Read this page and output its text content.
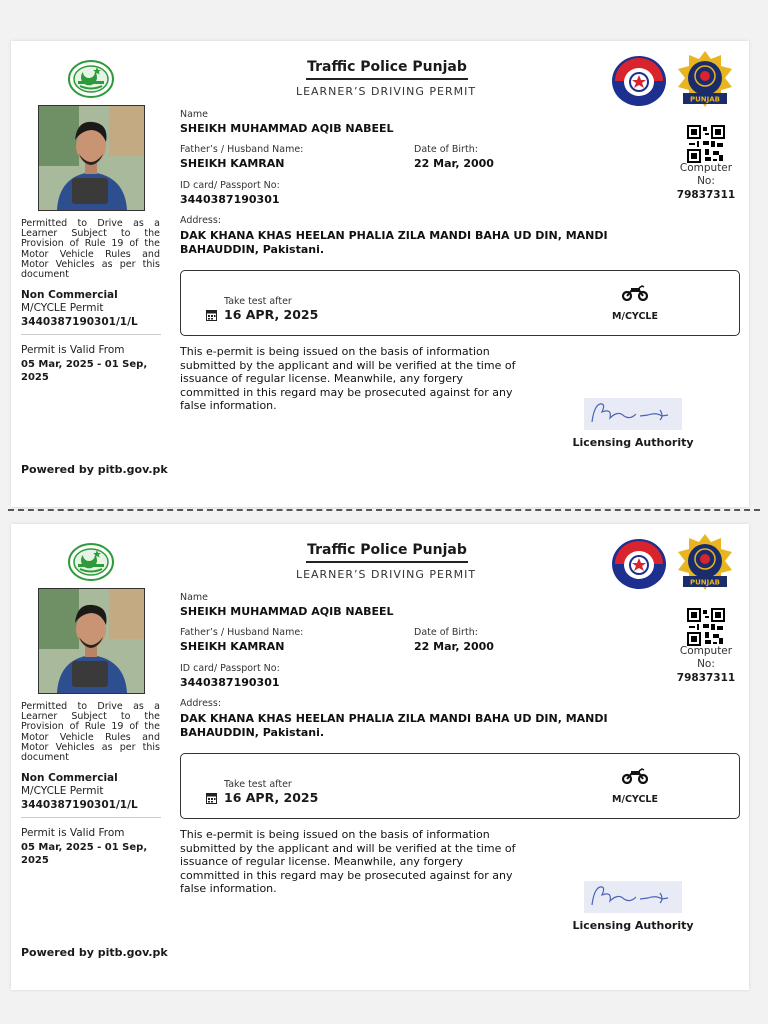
Traffic Police Punjab
LEARNER’S DRIVING PERMIT
PUNJAB
Computer No:
79837311
Name
SHEIKH MUHAMMAD AQIB NABEEL
Father’s / Husband Name:
SHEIKH KAMRAN
Date of Birth:
22 Mar, 2000
ID card/ Passport No:
3440387190301
Address:
DAK KHANA KHAS HEELAN PHALIA ZILA MANDI BAHA UD DIN, MANDI BAHAUDDIN, Pakistani.
Permitted to Drive as a Learner Subject to the Provision of Rule 19 of the Motor Vehicle Rules and Motor Vehicles as per this document
Non Commercial
M/CYCLE Permit
3440387190301/1/L
Permit is Valid From
05 Mar, 2025 - 01 Sep, 2025
Powered by pitb.gov.pk
Take test after
16 APR, 2025	M/CYCLE
This e-permit is being issued on the basis of information submitted by the applicant and will be verified at the time of issuance of regular license. Meanwhile, any forgery committed in this regard may be prosecuted against for any false information.
Licensing Authority
Traffic Police Punjab
LEARNER’S DRIVING PERMIT
PUNJAB
Computer No:
79837311
Name
SHEIKH MUHAMMAD AQIB NABEEL
Father’s / Husband Name:
SHEIKH KAMRAN
Date of Birth:
22 Mar, 2000
ID card/ Passport No:
3440387190301
Address:
DAK KHANA KHAS HEELAN PHALIA ZILA MANDI BAHA UD DIN, MANDI BAHAUDDIN, Pakistani.
Permitted to Drive as a Learner Subject to the Provision of Rule 19 of the Motor Vehicle Rules and Motor Vehicles as per this document
Non Commercial
M/CYCLE Permit
3440387190301/1/L
Permit is Valid From
05 Mar, 2025 - 01 Sep, 2025
Powered by pitb.gov.pk
Take test after
16 APR, 2025	M/CYCLE
This e-permit is being issued on the basis of information submitted by the applicant and will be verified at the time of issuance of regular license. Meanwhile, any forgery committed in this regard may be prosecuted against for any false information.
Licensing Authority
